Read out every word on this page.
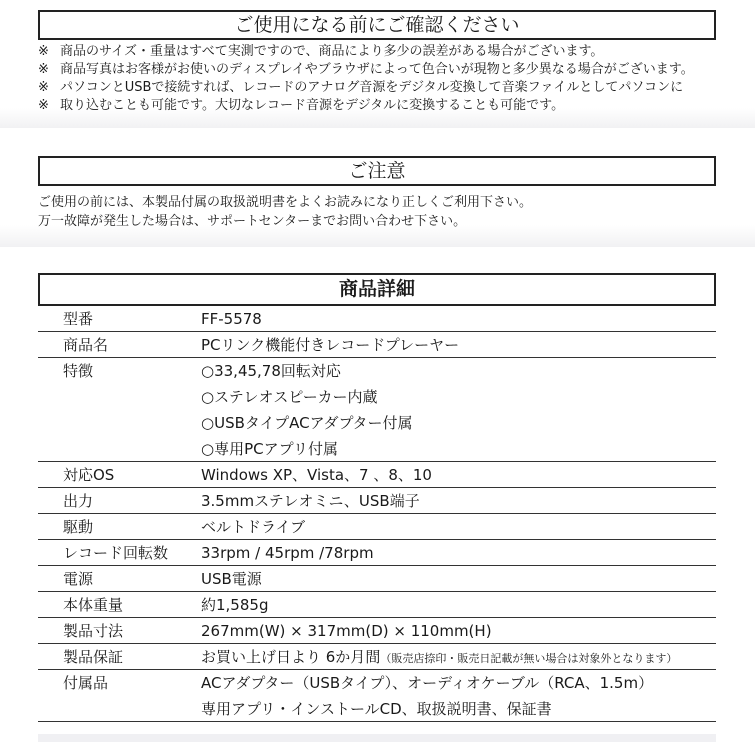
ご使用になる前にご確認ください
※ 商品のサイズ・重量はすべて実測ですので、商品により多少の誤差がある場合がございます。
※ 商品写真はお客様がお使いのディスプレイやブラウザによって色合いが現物と多少異なる場合がございます。
※ パソコンとUSBで接続すれば、レコードのアナログ音源をデジタル変換して音楽ファイルとしてパソコンに
※ 取り込むことも可能です。大切なレコード音源をデジタルに変換することも可能です。
ご注意
ご使用の前には、本製品付属の取扱説明書をよくお読みになり正しくご利用下さい。
万一故障が発生した場合は、サポートセンターまでお問い合わせ下さい。
商品詳細
型番	FF-5578
商品名	PCリンク機能付きレコードプレーヤー
特徴	○33,45,78回転対応
○ステレオスピーカー内蔵
○USBタイプACアダプター付属
○専用PCアプリ付属
対応OS	Windows XP、Vista、7 、8、10
出力	3.5mmステレオミニ、USB端子
駆動	ベルトドライブ
レコード回転数 33rpm / 45rpm /78rpm
電源	USB電源
本体重量	約1,585g
製品寸法	267mm(W) × 317mm(D) × 110mm(H)
製品保証	お買い上げ日より 6か月間（販売店捺印・販売日記載が無い場合は対象外となります）
付属品	ACアダプター（USBタイプ）、オーディオケーブル（RCA、1.5m）
専用アプリ・インストールCD、取扱説明書、保証書
